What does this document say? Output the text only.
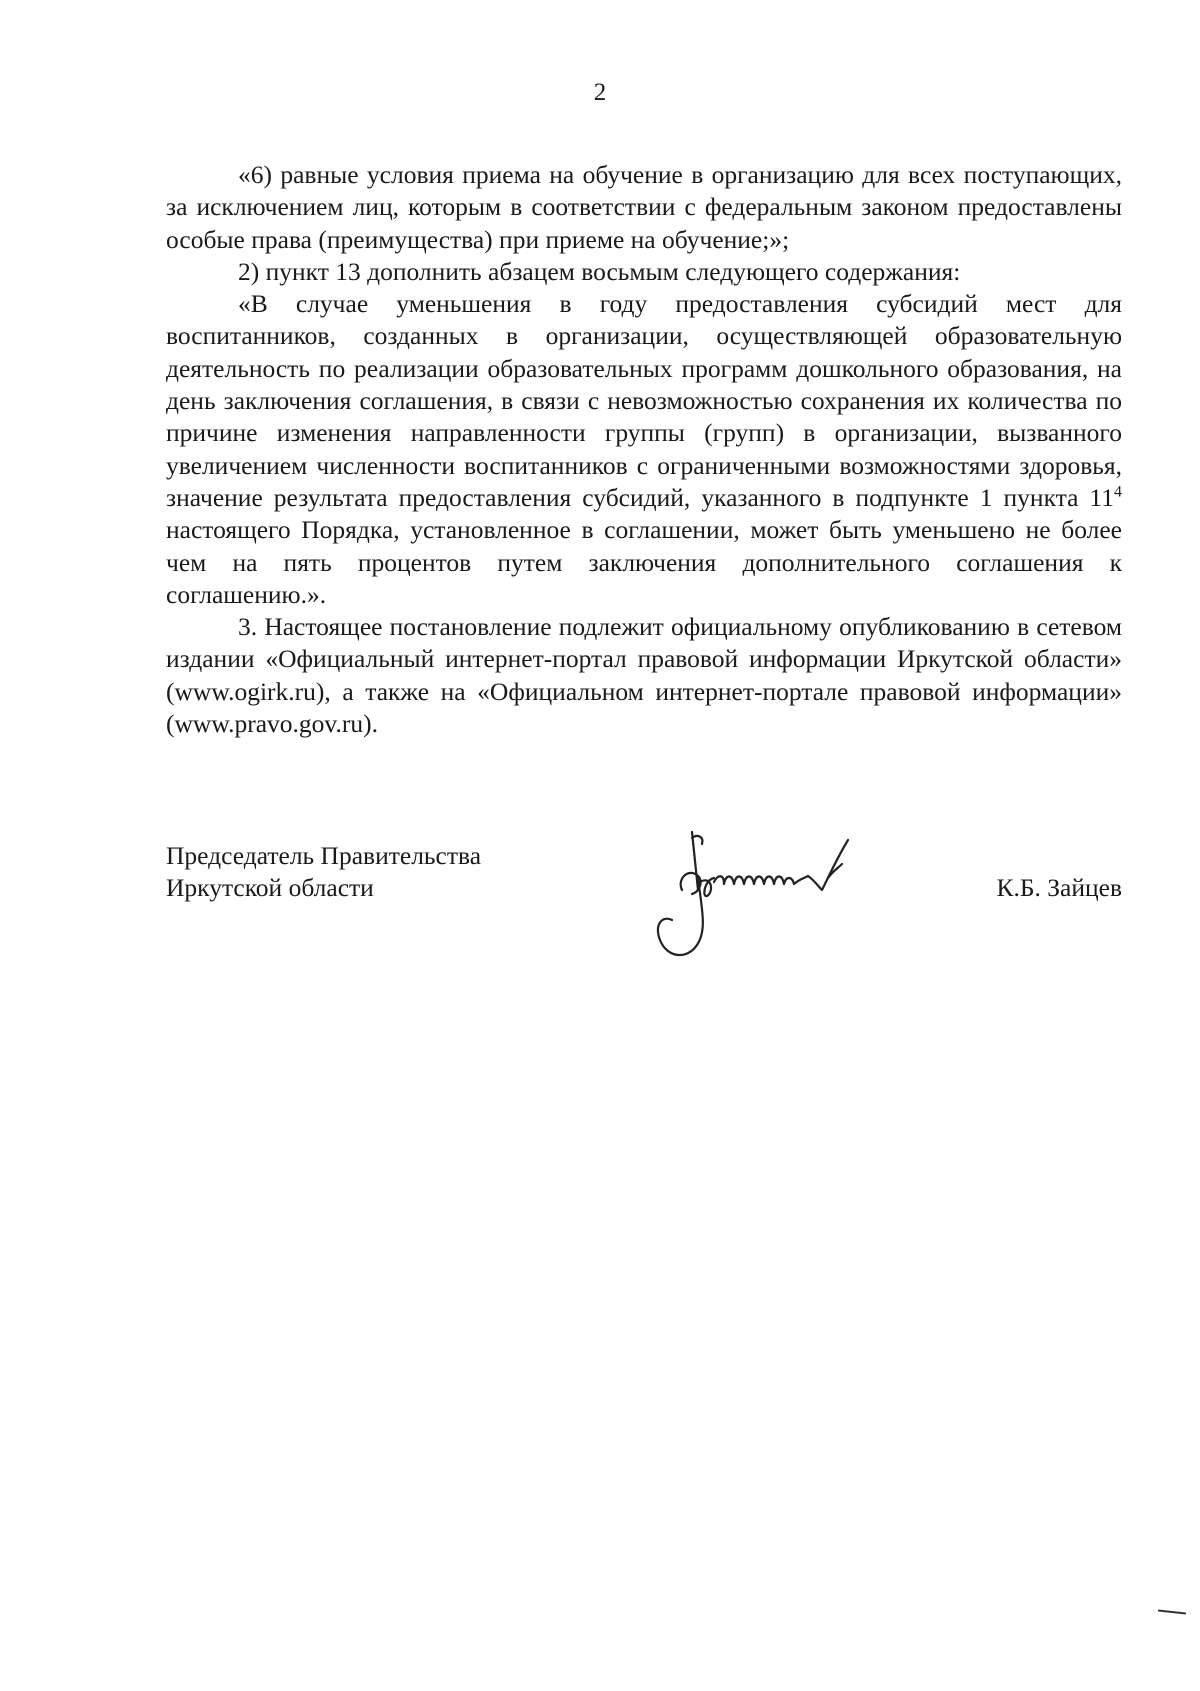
2

«6) равные условия приема на обучение в организацию для всех поступающих, за исключением лиц, которым в соответствии с федеральным законом предоставлены особые права (преимущества) при приеме на обучение;»;

2) пункт 13 дополнить абзацем восьмым следующего содержания:

«В случае уменьшения в году предоставления субсидий мест для воспитанников, созданных в организации, осуществляющей образовательную деятельность по реализации образовательных программ дошкольного образования, на день заключения соглашения, в связи с невозможностью сохранения их количества по причине изменения направленности группы (групп) в организации, вызванного увеличением численности воспитанников с ограниченными возможностями здоровья, значение результата предоставления субсидий, указанного в подпункте 1 пункта $11^4$ настоящего Порядка, установленное в соглашении, может быть уменьшено не более чем на пять процентов путем заключения дополнительного соглашения к соглашению.».

3. Настоящее постановление подлежит официальному опубликованию в сетевом издании «Официальный интернет-портал правовой информации Иркутской области» (www.ogirk.ru), а также на «Официальном интернет-портале правовой информации» (www.pravo.gov.ru).

Председатель Правительства
Иркутской области	К.Б. Зайцев
